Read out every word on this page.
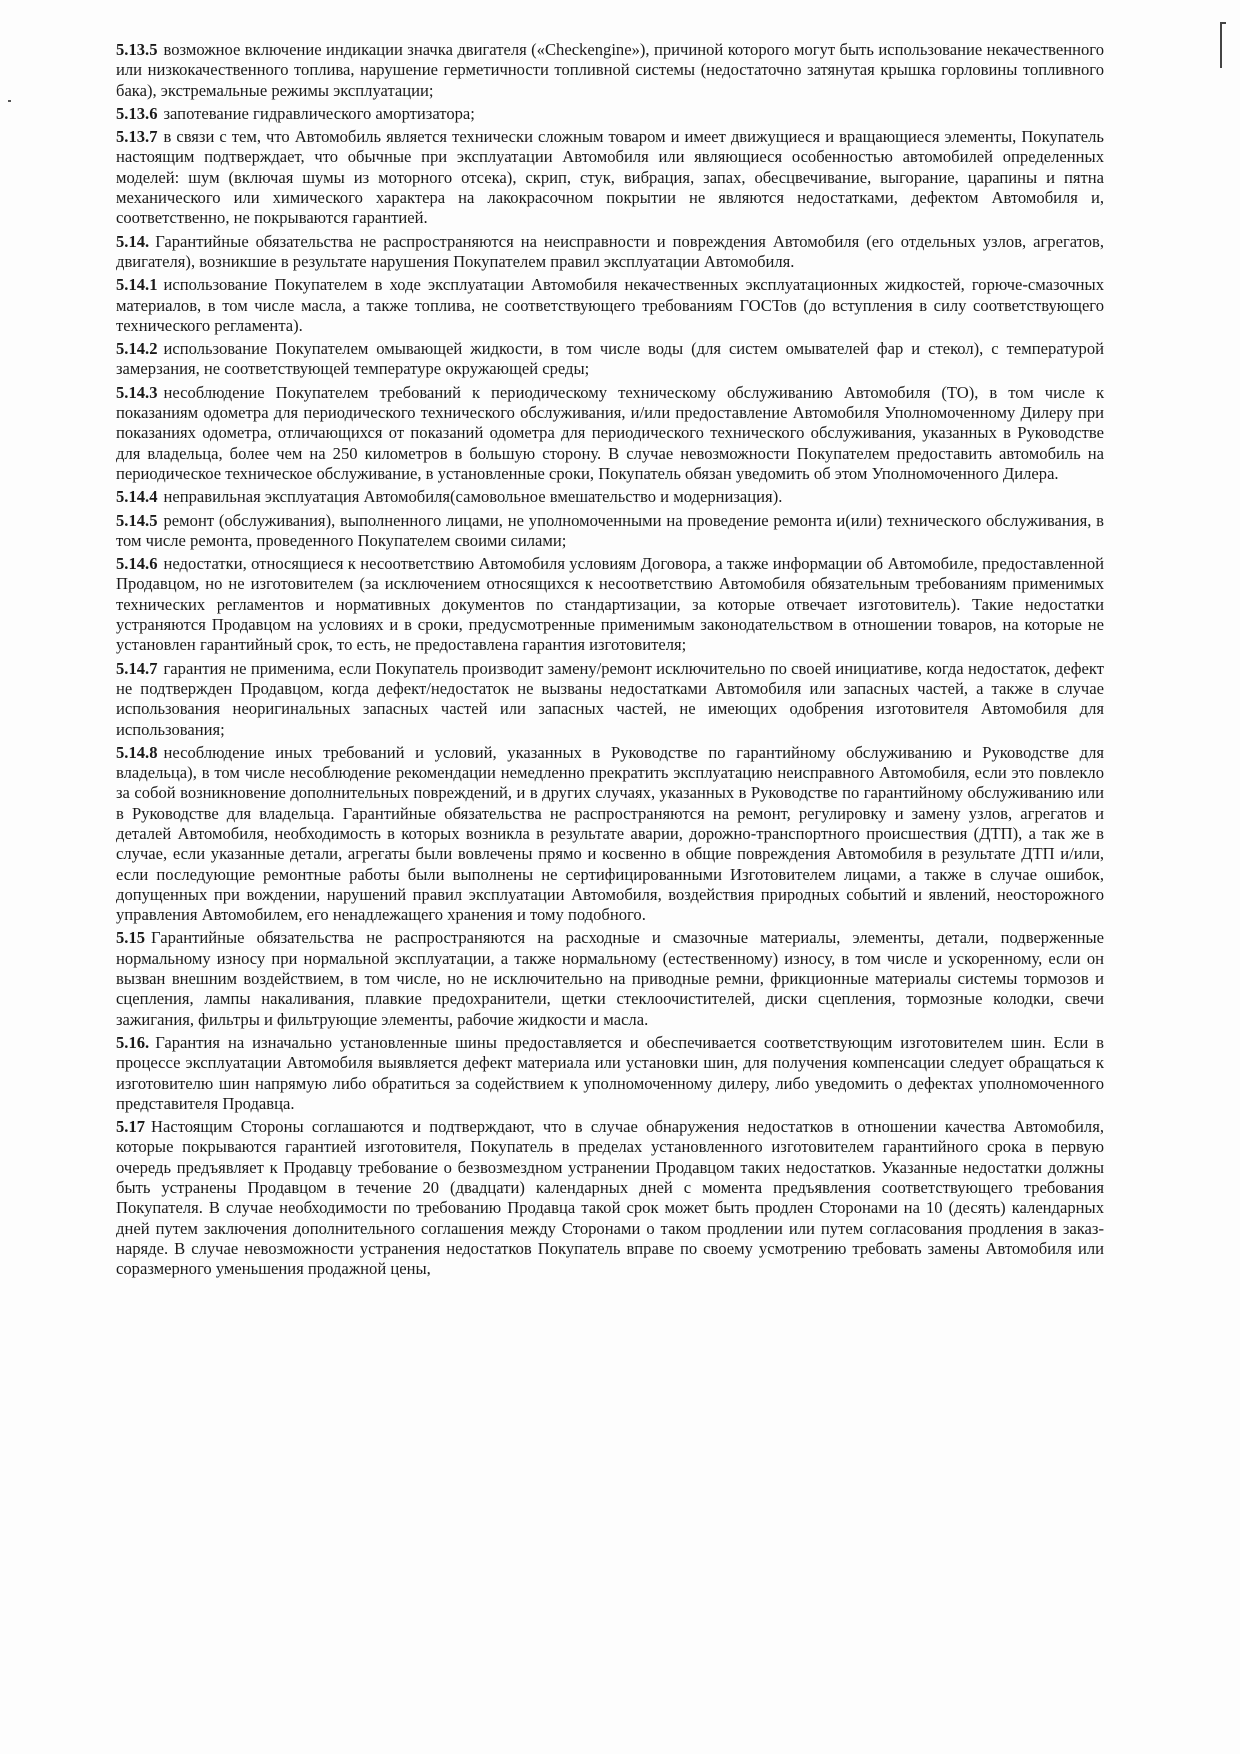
5.13.5 возможное включение индикации значка двигателя («Checkengine»), причиной которого могут быть использование некачественного или низкокачественного топлива, нарушение герметичности топливной системы (недостаточно затянутая крышка горловины топливного бака), экстремальные режимы эксплуатации;

5.13.6 запотевание гидравлического амортизатора;

5.13.7 в связи с тем, что Автомобиль является технически сложным товаром и имеет движущиеся и вращающиеся элементы, Покупатель настоящим подтверждает, что обычные при эксплуатации Автомобиля или являющиеся особенностью автомобилей определенных моделей: шум (включая шумы из моторного отсека), скрип, стук, вибрация, запах, обесцвечивание, выгорание, царапины и пятна механического или химического характера на лакокрасочном покрытии не являются недостатками, дефектом Автомобиля и, соответственно, не покрываются гарантией.

5.14. Гарантийные обязательства не распространяются на неисправности и повреждения Автомобиля (его отдельных узлов, агрегатов, двигателя), возникшие в результате нарушения Покупателем правил эксплуатации Автомобиля.

5.14.1 использование Покупателем в ходе эксплуатации Автомобиля некачественных эксплуатационных жидкостей, горюче-смазочных материалов, в том числе масла, а также топлива, не соответствующего требованиям ГОСТов (до вступления в силу соответствующего технического регламента).

5.14.2 использование Покупателем омывающей жидкости, в том числе воды (для систем омывателей фар и стекол), с температурой замерзания, не соответствующей температуре окружающей среды;

5.14.3 несоблюдение Покупателем требований к периодическому техническому обслуживанию Автомобиля (ТО), в том числе к показаниям одометра для периодического технического обслуживания, и/или предоставление Автомобиля Уполномоченному Дилеру при показаниях одометра, отличающихся от показаний одометра для периодического технического обслуживания, указанных в Руководстве для владельца, более чем на 250 километров в большую сторону. В случае невозможности Покупателем предоставить автомобиль на периодическое техническое обслуживание, в установленные сроки, Покупатель обязан уведомить об этом Уполномоченного Дилера.

5.14.4 неправильная эксплуатация Автомобиля(самовольное вмешательство и модернизация).

5.14.5 ремонт (обслуживания), выполненного лицами, не уполномоченными на проведение ремонта и(или) технического обслуживания, в том числе ремонта, проведенного Покупателем своими силами;

5.14.6 недостатки, относящиеся к несоответствию Автомобиля условиям Договора, а также информации об Автомобиле, предоставленной Продавцом, но не изготовителем (за исключением относящихся к несоответствию Автомобиля обязательным требованиям применимых технических регламентов и нормативных документов по стандартизации, за которые отвечает изготовитель). Такие недостатки устраняются Продавцом на условиях и в сроки, предусмотренные применимым законодательством в отношении товаров, на которые не установлен гарантийный срок, то есть, не предоставлена гарантия изготовителя;

5.14.7 гарантия не применима, если Покупатель производит замену/ремонт исключительно по своей инициативе, когда недостаток, дефект не подтвержден Продавцом, когда дефект/недостаток не вызваны недостатками Автомобиля или запасных частей, а также в случае использования неоригинальных запасных частей или запасных частей, не имеющих одобрения изготовителя Автомобиля для использования;

5.14.8 несоблюдение иных требований и условий, указанных в Руководстве по гарантийному обслуживанию и Руководстве для владельца), в том числе несоблюдение рекомендации немедленно прекратить эксплуатацию неисправного Автомобиля, если это повлекло за собой возникновение дополнительных повреждений, и в других случаях, указанных в Руководстве по гарантийному обслуживанию или в Руководстве для владельца. Гарантийные обязательства не распространяются на ремонт, регулировку и замену узлов, агрегатов и деталей Автомобиля, необходимость в которых возникла в результате аварии, дорожно-транспортного происшествия (ДТП), а так же в случае, если указанные детали, агрегаты были вовлечены прямо и косвенно в общие повреждения Автомобиля в результате ДТП и/или, если последующие ремонтные работы были выполнены не сертифицированными Изготовителем лицами, а также в случае ошибок, допущенных при вождении, нарушений правил эксплуатации Автомобиля, воздействия природных событий и явлений, неосторожного управления Автомобилем, его ненадлежащего хранения и тому подобного.

5.15 Гарантийные обязательства не распространяются на расходные и смазочные материалы, элементы, детали, подверженные нормальному износу при нормальной эксплуатации, а также нормальному (естественному) износу, в том числе и ускоренному, если он вызван внешним воздействием, в том числе, но не исключительно на приводные ремни, фрикционные материалы системы тормозов и сцепления, лампы накаливания, плавкие предохранители, щетки стеклоочистителей, диски сцепления, тормозные колодки, свечи зажигания, фильтры и фильтрующие элементы, рабочие жидкости и масла.

5.16. Гарантия на изначально установленные шины предоставляется и обеспечивается соответствующим изготовителем шин. Если в процессе эксплуатации Автомобиля выявляется дефект материала или установки шин, для получения компенсации следует обращаться к изготовителю шин напрямую либо обратиться за содействием к уполномоченному дилеру, либо уведомить о дефектах уполномоченного представителя Продавца.

5.17 Настоящим Стороны соглашаются и подтверждают, что в случае обнаружения недостатков в отношении качества Автомобиля, которые покрываются гарантией изготовителя, Покупатель в пределах установленного изготовителем гарантийного срока в первую очередь предъявляет к Продавцу требование о безвозмездном устранении Продавцом таких недостатков. Указанные недостатки должны быть устранены Продавцом в течение 20 (двадцати) календарных дней с момента предъявления соответствующего требования Покупателя. В случае необходимости по требованию Продавца такой срок может быть продлен Сторонами на 10 (десять) календарных дней путем заключения дополнительного соглашения между Сторонами о таком продлении или путем согласования продления в заказ-наряде. В случае невозможности устранения недостатков Покупатель вправе по своему усмотрению требовать замены Автомобиля или соразмерного уменьшения продажной цены,
